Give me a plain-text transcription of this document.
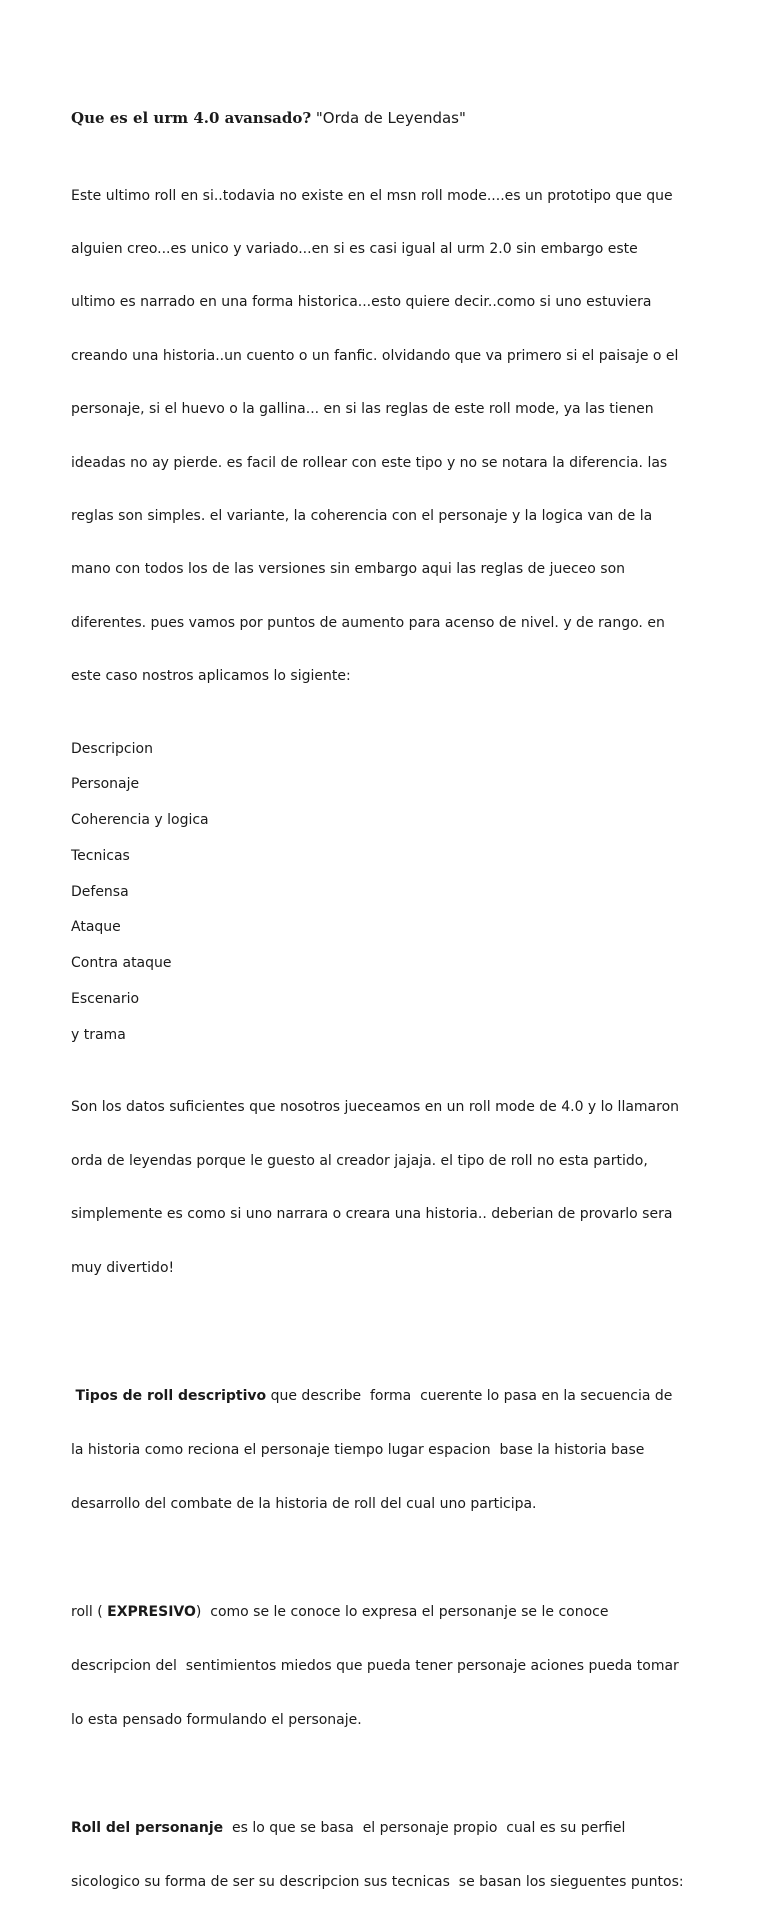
Que es el urm 4.0 avansado? "Orda de Leyendas"

Este ultimo roll en si..todavia no existe en el msn roll mode....es un prototipo que que

alguien creo...es unico y variado...en si es casi igual al urm 2.0 sin embargo este

ultimo es narrado en una forma historica...esto quiere decir..como si uno estuviera

creando una historia..un cuento o un fanfic. olvidando que va primero si el paisaje o el

personaje, si el huevo o la gallina... en si las reglas de este roll mode, ya las tienen

ideadas no ay pierde. es facil de rollear con este tipo y no se notara la diferencia. las

reglas son simples. el variante, la coherencia con el personaje y la logica van de la

mano con todos los de las versiones sin embargo aqui las reglas de jueceo son

diferentes. pues vamos por puntos de aumento para acenso de nivel. y de rango. en

este caso nostros aplicamos lo sigiente:

Descripcion
Personaje
Coherencia y logica
Tecnicas
Defensa
Ataque
Contra ataque
Escenario
y trama

Son los datos suficientes que nosotros jueceamos en un roll mode de 4.0 y lo llamaron

orda de leyendas porque le guesto al creador jajaja. el tipo de roll no esta partido,

simplemente es como si uno narrara o creara una historia.. deberian de provarlo sera

muy divertido!

Tipos de roll descriptivo que describe  forma  cuerente lo pasa en la secuencia de

la historia como reciona el personaje tiempo lugar espacion  base la historia base

desarrollo del combate de la historia de roll del cual uno participa.

roll ( EXPRESIVO)  como se le conoce lo expresa el personanje se le conoce

descripcion del  sentimientos miedos que pueda tener personaje aciones pueda tomar

lo esta pensado formulando el personaje.

Roll del personanje  es lo que se basa  el personaje propio  cual es su perfiel

sicologico su forma de ser su descripcion sus tecnicas  se basan los sieguentes puntos:
